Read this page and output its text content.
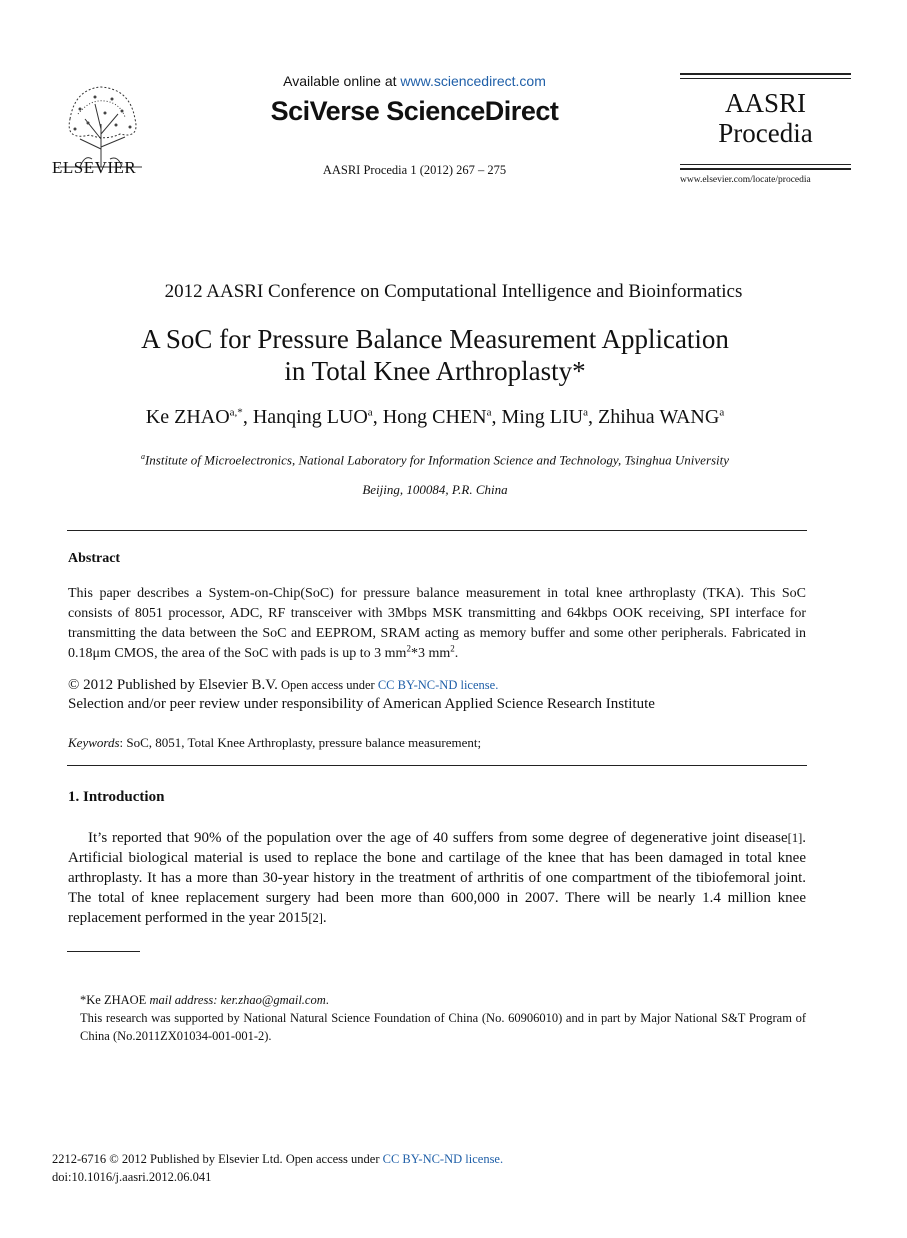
ELSEVIER
Available online at www.sciencedirect.com
SciVerse ScienceDirect
AASRI Procedia 1 (2012) 267 – 275
AASRI
Procedia
www.elsevier.com/locate/procedia
2012 AASRI Conference on Computational Intelligence and Bioinformatics
A SoC for Pressure Balance Measurement Application
in Total Knee Arthroplasty*
Ke $ZHAO^{a,*}$, Hanqing LUO$^a$, Hong CHEN$^a$, Ming LIU$^a$, Zhihua WANG$^a$
$^a$Institute of Microelectronics, National Laboratory for Information Science and Technology, Tsinghua University
Beijing, 100084, P.R. China
Abstract
This paper describes a System-on-Chip(SoC) for pressure balance measurement in total knee arthroplasty (TKA). This SoC consists of 8051 processor, ADC, RF transceiver with 3Mbps MSK transmitting and 64kbps OOK receiving, SPI interface for transmitting the data between the SoC and EEPROM, SRAM acting as memory buffer and some other peripherals. Fabricated in 0.18μm CMOS, the area of the SoC with pads is up to 3 $mm^2*3$ $mm^2$.
© 2012 Published by Elsevier B.V. Open access under CC BY-NC-ND license.
Selection and/or peer review under responsibility of American Applied Science Research Institute
Keywords: SoC, 8051, Total Knee Arthroplasty, pressure balance measurement;
1. Introduction
It’s reported that 90% of the population over the age of 40 suffers from some degree of degenerative joint disease[1]. Artificial biological material is used to replace the bone and cartilage of the knee that has been damaged in total knee arthroplasty. It has a more than 30-year history in the treatment of arthritis of one compartment of the tibiofemoral joint. The total of knee replacement surgery had been more than 600,000 in 2007. There will be nearly 1.4 million knee replacement performed in the year 2015[2].
*Ke ZHAOE mail address: ker.zhao@gmail.com.
This research was supported by National Natural Science Foundation of China (No. 60906010) and in part by Major National S&T Program of China (No.2011ZX01034-001-001-2).
2212-6716 © 2012 Published by Elsevier Ltd. Open access under CC BY-NC-ND license.
doi:10.1016/j.aasri.2012.06.041
